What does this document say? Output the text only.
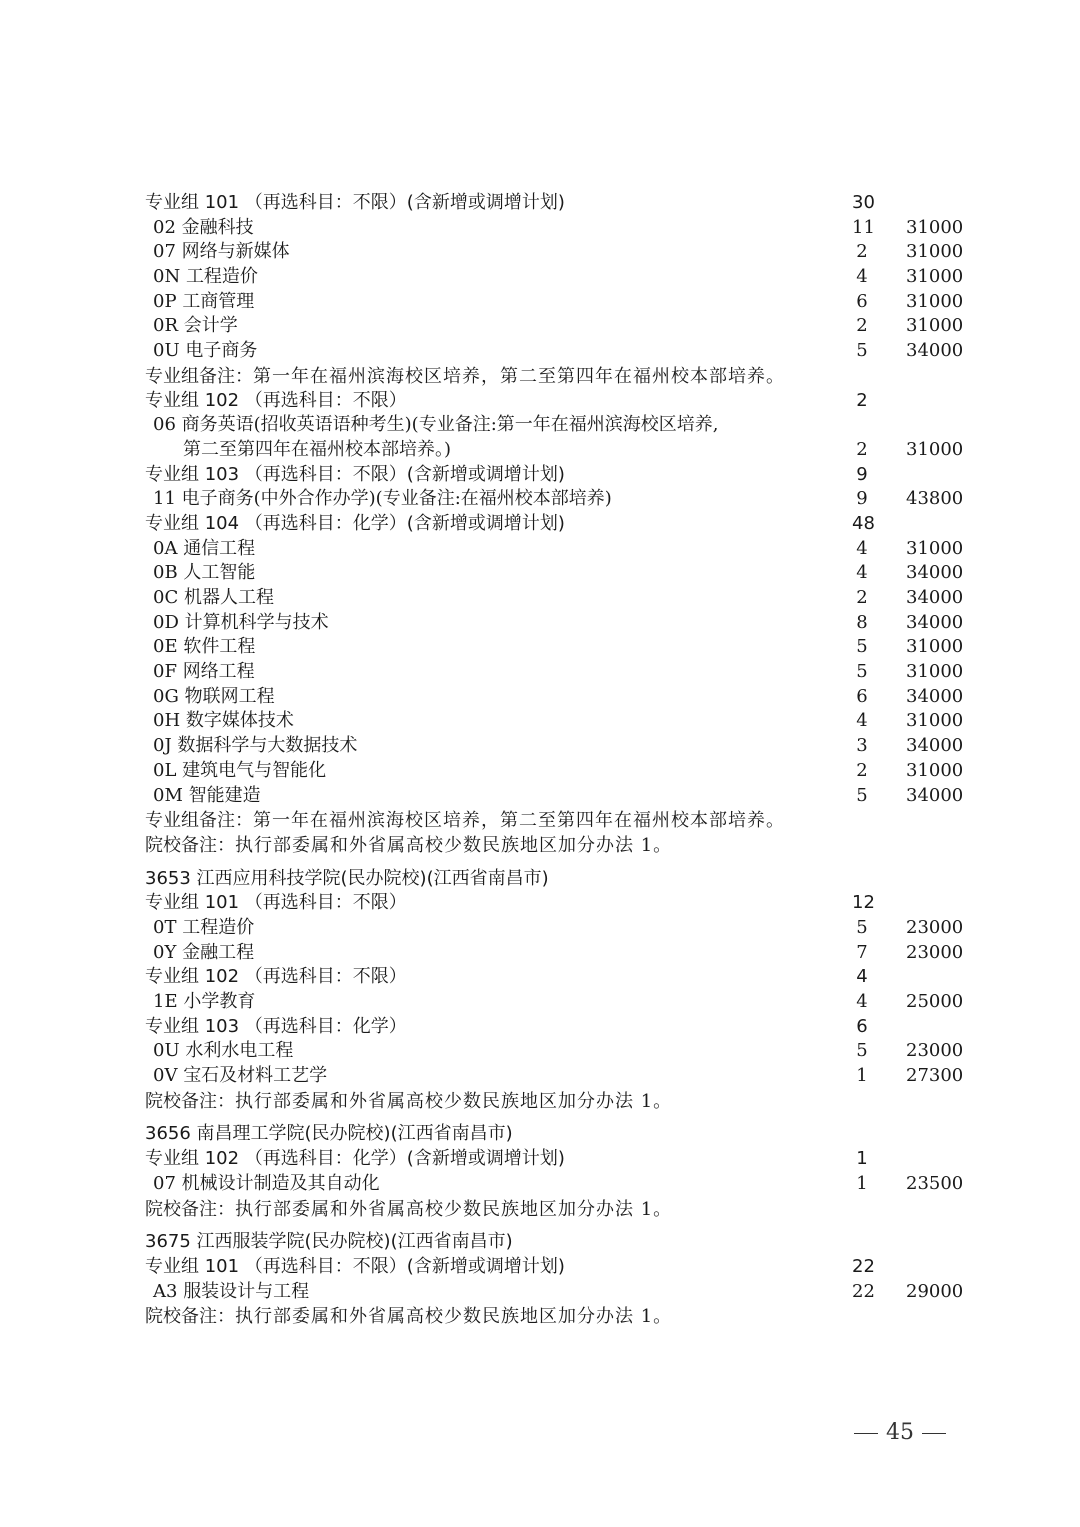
专业组 101 （再选科目：不限）(含新增或调增计划)	30
02 金融科技	11 31000
07 网络与新媒体	2 31000
0N 工程造价	4 31000
0P 工商管理	6 31000
0R 会计学	2 31000
0U 电子商务	5 34000
专业组备注：第一年在福州滨海校区培养，第二至第四年在福州校本部培养。
专业组 102 （再选科目：不限）	2
06 商务英语(招收英语语种考生)(专业备注:第一年在福州滨海校区培养,
第二至第四年在福州校本部培养。)	2 31000
专业组 103 （再选科目：不限）(含新增或调增计划)	9
11 电子商务(中外合作办学)(专业备注:在福州校本部培养)	9 43800
专业组 104 （再选科目：化学）(含新增或调增计划)	48
0A 通信工程	4 31000
0B 人工智能	4 34000
0C 机器人工程	2 34000
0D 计算机科学与技术	8 34000
0E 软件工程	5 31000
0F 网络工程	5 31000
0G 物联网工程	6 34000
0H 数字媒体技术	4 31000
0J 数据科学与大数据技术	3 34000
0L 建筑电气与智能化	2 31000
0M 智能建造	5 34000
专业组备注：第一年在福州滨海校区培养，第二至第四年在福州校本部培养。
院校备注：执行部委属和外省属高校少数民族地区加分办法 1。
3653 江西应用科技学院(民办院校)(江西省南昌市)
专业组 101 （再选科目：不限）	12
0T 工程造价	5 23000
0Y 金融工程	7 23000
专业组 102 （再选科目：不限）	4
1E 小学教育	4 25000
专业组 103 （再选科目：化学）	6
0U 水利水电工程	5 23000
0V 宝石及材料工艺学	1 27300
院校备注：执行部委属和外省属高校少数民族地区加分办法 1。
3656 南昌理工学院(民办院校)(江西省南昌市)
专业组 102 （再选科目：化学）(含新增或调增计划)	1
07 机械设计制造及其自动化	1 23500
院校备注：执行部委属和外省属高校少数民族地区加分办法 1。
3675 江西服装学院(民办院校)(江西省南昌市)
专业组 101 （再选科目：不限）(含新增或调增计划)	22
A3 服装设计与工程	22 29000
院校备注：执行部委属和外省属高校少数民族地区加分办法 1。
45
